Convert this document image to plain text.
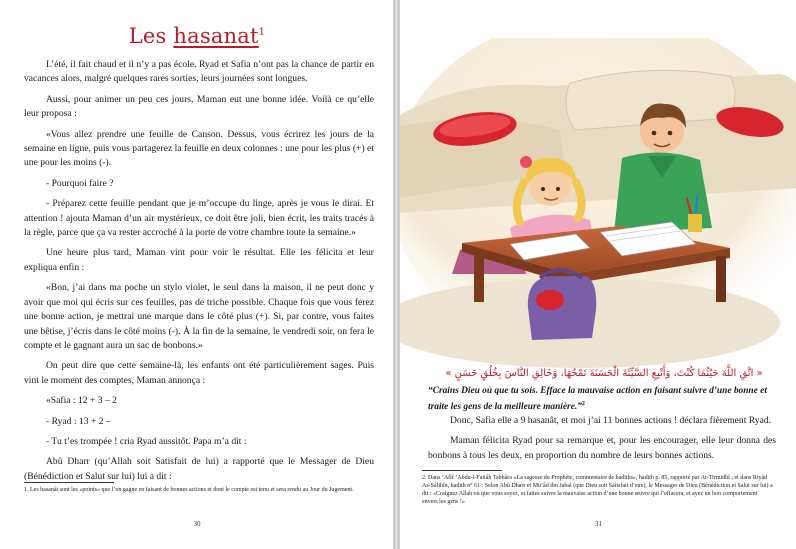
Les hasanat$^1$

L’été, il fait chaud et il n’y a pas école. Ryad et Safia n’ont pas la chance de partir en vacances alors, malgré quelques rares sorties, leurs journées sont longues.

Aussi, pour animer un peu ces jours, Maman eut une bonne idée. Voilà ce qu’elle leur proposa :

«Vous allez prendre une feuille de Canson. Dessus, vous écrirez les jours de la semaine en ligne, puis vous partagerez la feuille en deux colonnes : une pour les plus (+) et une pour les moins (-).

- Pourquoi faire ?

- Préparez cette feuille pendant que je m’occupe du linge, après je vous le dirai. Et attention ! ajouta Maman d’un air mystérieux, ce doit être joli, bien écrit, les traits tracés à la règle, parce que ça va rester accroché à la porte de votre chambre toute la semaine.»

Une heure plus tard, Maman vint pour voir le résultat. Elle les félicita et leur expliqua enfin :

«Bon, j’ai dans ma poche un stylo violet, le seul dans la maison, il ne peut donc y avoir que moi qui écris sur ces feuilles, pas de triche possible. Chaque fois que vous ferez une bonne action, je mettrai une marque dans le côté plus (+). Si, par contre, vous faites une bêtise, j’écris dans le côté moins (-). À la fin de la semaine, le vendredi soir, on fera le compte et le gagnant aura un sac de bonbons.»

On peut dire que cette semaine-là, les enfants ont été particulièrement sages. Puis vint le moment des comptes, Maman annonça :

«Safia : 12 + 3 – 2

- Ryad : 13 + 2 –

- Tu t’es trompée ! cria Ryad aussitôt. Papa m’a dit :

Abû Dharr (qu’Allah soit Satisfait de lui) a rapporté que le Messager de Dieu (Bénédiction et Salut sur lui) lui a dit :

1. Les hasanât sont les «points» que l’on gagne en faisant de bonnes actions et dont le compte est tenu et sera rendu au Jour du Jugement.
30
« اتَّقِ اللَّهَ حَيْثُمَا كُنْتَ، وَأَتْبِعِ السَّيِّئَةَ الْحَسَنَةَ تَمْحُهَا، وَخَالِقِ النَّاسَ بِخُلُقٍ حَسَنٍ »
“Crains Dieu où que tu sois. Efface la mauvaise action en faisant suivre d’une bonne et traite les gens de la meilleure manière.”$^2$

Donc, Safia elle a 9 hasanât, et moi j’ai 11 bonnes actions ! déclara fièrement Ryad.

Maman félicita Ryad pour sa remarque et, pour les encourager, elle leur donna des bonbons à tous les deux, en proportion du nombre de leurs bonnes actions.

2. Dans ‘Afîf ‘Abdu-l-Fattâh Tabbâra «La sagesse du Prophète, commentaire de hadiths», hadith p. 85, rapporté par At-Tirmidhî ; et dans Riyâd As-Sâlihîn, hadith n° 61 : Selon Abû Dharr et Mu’âd ibn Jabal (que Dieu soit Satisfait d’eux), le Messager de Dieu (Bénédiction et Salut sur lui) a dit : «Craignez Allah où que vous soyez, et faites suivre la mauvaise action d’une bonne œuvre qui l’effacera, et ayez un bon comportement envers les gens !»
31
